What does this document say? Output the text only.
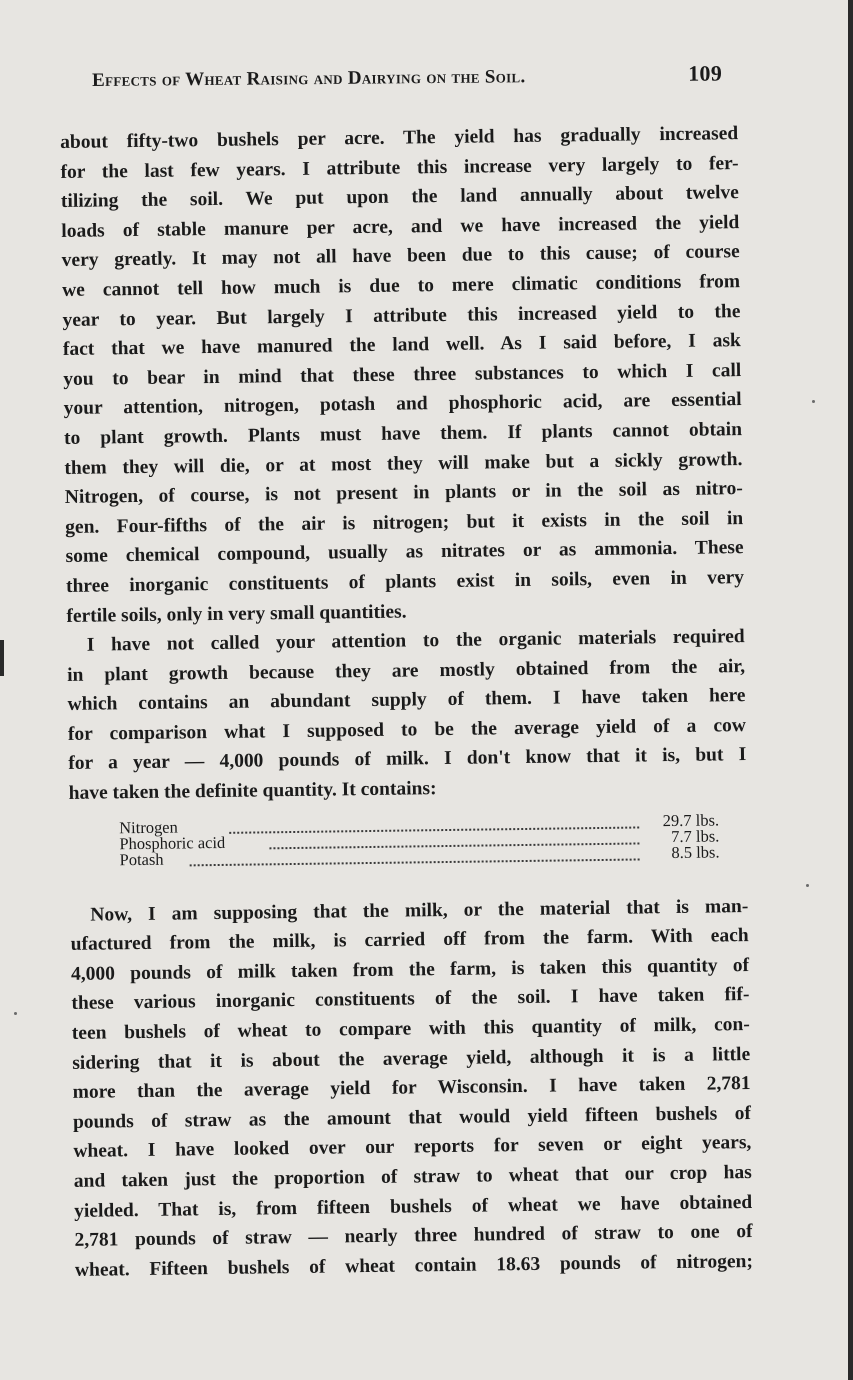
Effects of Wheat Raising and Dairying on the Soil.	109
about fifty-two bushels per acre. The yield has gradually increased
for the last few years. I attribute this increase very largely to fer-
tilizing the soil. We put upon the land annually about twelve
loads of stable manure per acre, and we have increased the yield
very greatly. It may not all have been due to this cause; of course
we cannot tell how much is due to mere climatic conditions from
year to year. But largely I attribute this increased yield to the
fact that we have manured the land well. As I said before, I ask
you to bear in mind that these three substances to which I call
your attention, nitrogen, potash and phosphoric acid, are essential
to plant growth. Plants must have them. If plants cannot obtain
them they will die, or at most they will make but a sickly growth.
Nitrogen, of course, is not present in plants or in the soil as nitro-
gen. Four-fifths of the air is nitrogen; but it exists in the soil in
some chemical compound, usually as nitrates or as ammonia. These
three inorganic constituents of plants exist in soils, even in very
fertile soils, only in very small quantities.
I have not called your attention to the organic materials required
in plant growth because they are mostly obtained from the air,
which contains an abundant supply of them. I have taken here
for comparison what I supposed to be the average yield of a cow
for a year — 4,000 pounds of milk. I don't know that it is, but I
have taken the definite quantity. It contains:
Nitrogen	29.7 lbs.
Phosphoric acid	7.7 lbs.
Potash	8.5 lbs.
Now, I am supposing that the milk, or the material that is man-
ufactured from the milk, is carried off from the farm. With each
4,000 pounds of milk taken from the farm, is taken this quantity of
these various inorganic constituents of the soil. I have taken fif-
teen bushels of wheat to compare with this quantity of milk, con-
sidering that it is about the average yield, although it is a little
more than the average yield for Wisconsin. I have taken 2,781
pounds of straw as the amount that would yield fifteen bushels of
wheat. I have looked over our reports for seven or eight years,
and taken just the proportion of straw to wheat that our crop has
yielded. That is, from fifteen bushels of wheat we have obtained
2,781 pounds of straw — nearly three hundred of straw to one of
wheat. Fifteen bushels of wheat contain 18.63 pounds of nitrogen;
